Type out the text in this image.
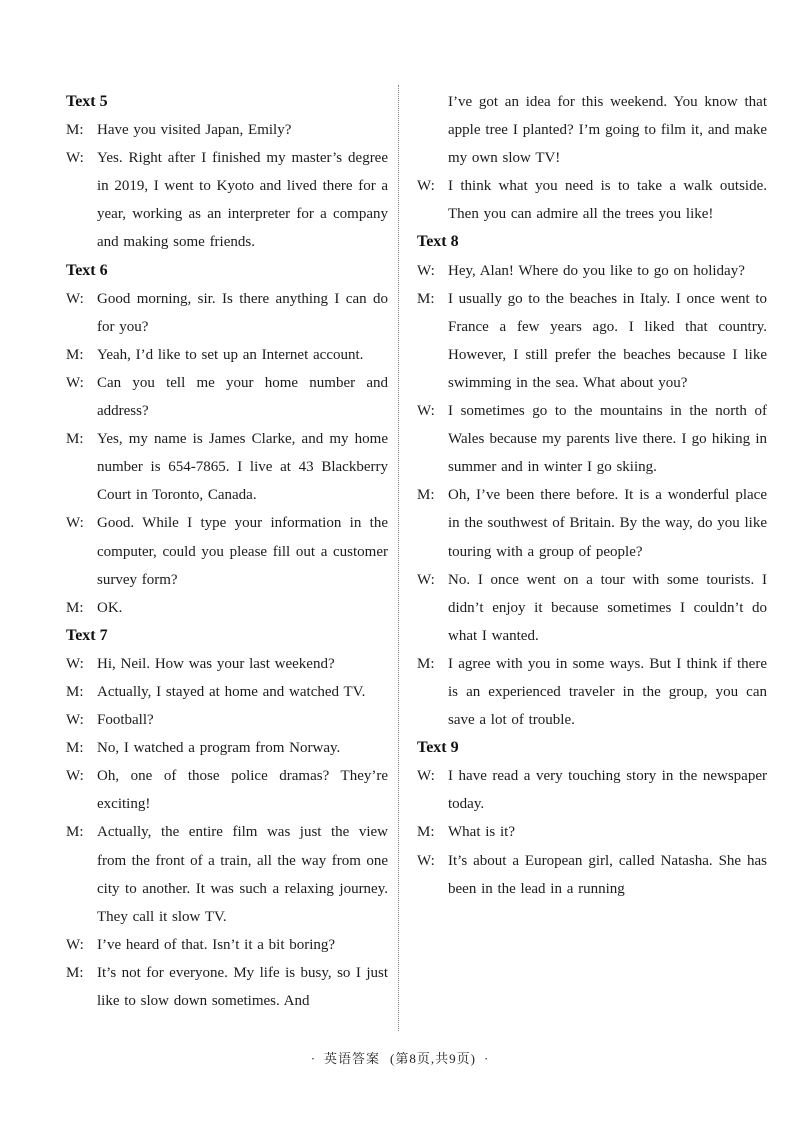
Text 5

M: Have you visited Japan, Emily?

W: Yes. Right after I finished my master’s degree in 2019, I went to Kyoto and lived there for a year, working as an interpreter for a company and making some friends.

Text 6

W: Good morning, sir. Is there anything I can do for you?

M: Yeah, I’d like to set up an Internet account.

W: Can you tell me your home number and address?

M: Yes, my name is James Clarke, and my home number is 654-7865. I live at 43 Blackberry Court in Toronto, Canada.

W: Good. While I type your information in the computer, could you please fill out a customer survey form?

M: OK.

Text 7

W: Hi, Neil. How was your last weekend?

M: Actually, I stayed at home and watched TV.

W: Football?

M: No, I watched a program from Norway.

W: Oh, one of those police dramas? They’re exciting!

M: Actually, the entire film was just the view from the front of a train, all the way from one city to another. It was such a relaxing journey. They call it slow TV.

W: I’ve heard of that. Isn’t it a bit boring?

M: It’s not for everyone. My life is busy, so I just like to slow down sometimes. And

I’ve got an idea for this weekend. You know that apple tree I planted? I’m going to film it, and make my own slow TV!

W: I think what you need is to take a walk outside. Then you can admire all the trees you like!

Text 8

W: Hey, Alan! Where do you like to go on holiday?

M: I usually go to the beaches in Italy. I once went to France a few years ago. I liked that country. However, I still prefer the beaches because I like swimming in the sea. What about you?

W: I sometimes go to the mountains in the north of Wales because my parents live there. I go hiking in summer and in winter I go skiing.

M: Oh, I’ve been there before. It is a wonderful place in the southwest of Britain. By the way, do you like touring with a group of people?

W: No. I once went on a tour with some tourists. I didn’t enjoy it because sometimes I couldn’t do what I wanted.

M: I agree with you in some ways. But I think if there is an experienced traveler in the group, you can save a lot of trouble.

Text 9

W: I have read a very touching story in the newspaper today.

M: What is it?

W: It’s about a European girl, called Natasha. She has been in the lead in a running

· 英语答案 (第8页,共9页) ·
